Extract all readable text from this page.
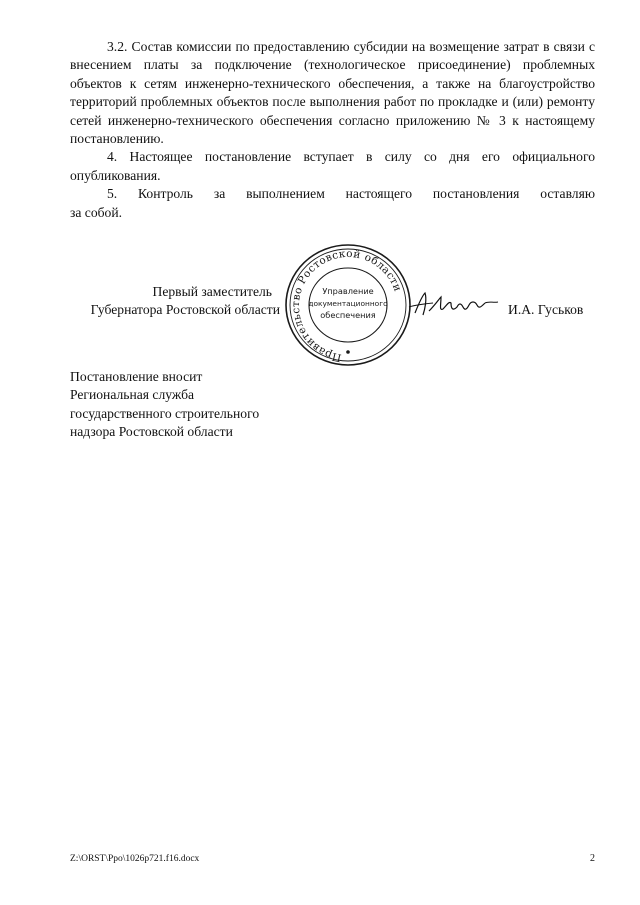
3.2. Состав комиссии по предоставлению субсидии на возмещение затрат в связи с внесением платы за подключение (технологическое присоединение) проблемных объектов к сетям инженерно-технического обеспечения, а также на благоустройство территорий проблемных объектов после выполнения работ по прокладке и (или) ремонту сетей инженерно-технического обеспечения согласно приложению № 3 к настоящему постановлению.

4. Настоящее постановление вступает в силу со дня его официального опубликования.

5. Контроль за выполнением настоящего постановления оставляю

за собой.

Первый заместитель
Губернатора Ростовской области
Правительство Ростовской области
Управление
документационного
обеспечения	И.А. Гуськов
Постановление вносит
Региональная служба
государственного строительного
надзора Ростовской области
Z:\ORST\Ppo\1026p721.f16.docx	2
